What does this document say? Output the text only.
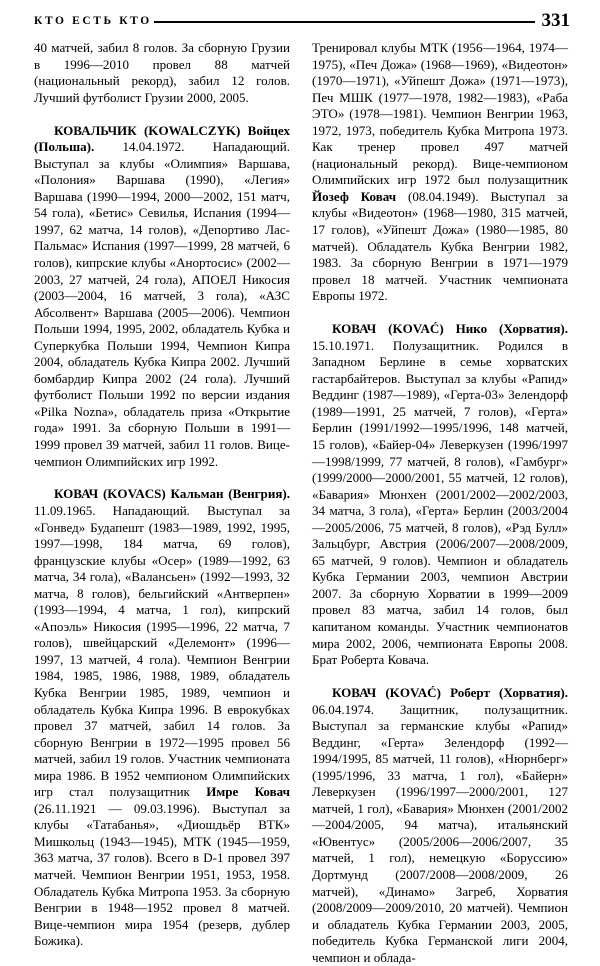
КТО ЕСТЬ КТО	331

40 матчей, забил 8 голов. За сборную Грузии в 1996—2010 провел 88 матчей (национальный рекорд), забил 12 голов. Лучший футболист Грузии 2000, 2005.

КОВАЛЬЧИК (KOWALCZYK) Войцех (Польша). 14.04.1972. Нападающий. Выступал за клубы «Олимпия» Варшава, «Полония» Варшава (1990), «Легия» Варшава (1990—1994, 2000—2002, 151 матч, 54 гола), «Бетис» Севилья, Испания (1994—1997, 62 матча, 14 голов), «Депортиво Лас-Пальмас» Испания (1997—1999, 28 матчей, 6 голов), кипрские клубы «Анортосис» (2002—2003, 27 матчей, 24 гола), АПОЕЛ Никосия (2003—2004, 16 матчей, 3 гола), «АЗС Абсолвент» Варшава (2005—2006). Чемпион Польши 1994, 1995, 2002, обладатель Кубка и Суперкубка Польши 1994, Чемпион Кипра 2004, обладатель Кубка Кипра 2002. Лучший бомбардир Кипра 2002 (24 гола). Лучший футболист Польши 1992 по версии издания «Pilka Nozna», обладатель приза «Открытие года» 1991. За сборную Польши в 1991—1999 провел 39 матчей, забил 11 голов. Вице-чемпион Олимпийских игр 1992.

КОВАЧ (KOVACS) Кальман (Венгрия). 11.09.1965. Нападающий. Выступал за «Гонвед» Будапешт (1983—1989, 1992, 1995, 1997—1998, 184 матча, 69 голов), французские клубы «Осер» (1989—1992, 63 матча, 34 гола), «Валансьен» (1992—1993, 32 матча, 8 голов), бельгийский «Антверпен» (1993—1994, 4 матча, 1 гол), кипрский «Апоэль» Никосия (1995—1996, 22 матча, 7 голов), швейцарский «Делемонт» (1996—1997, 13 матчей, 4 гола). Чемпион Венгрии 1984, 1985, 1986, 1988, 1989, обладатель Кубка Венгрии 1985, 1989, чемпион и обладатель Кубка Кипра 1996. В еврокубках провел 37 матчей, забил 14 голов. За сборную Венгрии в 1972—1995 провел 56 матчей, забил 19 голов. Участник чемпионата мира 1986. В 1952 чемпионом Олимпийских игр стал полузащитник Имре Ковач (26.11.1921 — 09.03.1996). Выступал за клубы «Татабанья», «Диошдьёр ВТК» Мишкольц (1943—1945), МТК (1945—1959, 363 матча, 37 голов). Всего в D-1 провел 397 матчей. Чемпион Венгрии 1951, 1953, 1958. Обладатель Кубка Митропа 1953. За сборную Венгрии в 1948—1952 провел 8 матчей. Вице-чемпион мира 1954 (резерв, дублер Божика).

Тренировал клубы МТК (1956—1964, 1974—1975), «Печ Дожа» (1968—1969), «Видеотон» (1970—1971), «Уйпешт Дожа» (1971—1973), Печ МШК (1977—1978, 1982—1983), «Раба ЭТО» (1978—1981). Чемпион Венгрии 1963, 1972, 1973, победитель Кубка Митропа 1973. Как тренер провел 497 матчей (национальный рекорд). Вице-чемпионом Олимпийских игр 1972 был полузащитник Йозеф Ковач (08.04.1949). Выступал за клубы «Видеотон» (1968—1980, 315 матчей, 17 голов), «Уйпешт Дожа» (1980—1985, 80 матчей). Обладатель Кубка Венгрии 1982, 1983. За сборную Венгрии в 1971—1979 провел 18 матчей. Участник чемпионата Европы 1972.

КОВАЧ (KOVAĆ) Нико (Хорватия). 15.10.1971. Полузащитник. Родился в Западном Берлине в семье хорватских гастарбайтеров. Выступал за клубы «Рапид» Веддинг (1987—1989), «Герта-03» Зелендорф (1989—1991, 25 матчей, 7 голов), «Герта» Берлин (1991/1992—1995/1996, 148 матчей, 15 голов), «Байер-04» Леверкузен (1996/1997—1998/1999, 77 матчей, 8 голов), «Гамбург» (1999/2000—2000/2001, 55 матчей, 12 голов), «Бавария» Мюнхен (2001/2002—2002/2003, 34 матча, 3 гола), «Герта» Берлин (2003/2004—2005/2006, 75 матчей, 8 голов), «Рэд Булл» Зальцбург, Австрия (2006/2007—2008/2009, 65 матчей, 9 голов). Чемпион и обладатель Кубка Германии 2003, чемпион Австрии 2007. За сборную Хорватии в 1999—2009 провел 83 матча, забил 14 голов, был капитаном команды. Участник чемпионатов мира 2002, 2006, чемпионата Европы 2008. Брат Роберта Ковача.

КОВАЧ (KOVAĆ) Роберт (Хорватия). 06.04.1974. Защитник, полузащитник. Выступал за германские клубы «Рапид» Веддинг, «Герта» Зелендорф (1992—1994/1995, 85 матчей, 11 голов), «Нюрнберг» (1995/1996, 33 матча, 1 гол), «Байерн» Леверкузен (1996/1997—2000/2001, 127 матчей, 1 гол), «Бавария» Мюнхен (2001/2002—2004/2005, 94 матча), итальянский «Ювентус» (2005/2006—2006/2007, 35 матчей, 1 гол), немецкую «Боруссию» Дортмунд (2007/2008—2008/2009, 26 матчей), «Динамо» Загреб, Хорватия (2008/2009—2009/2010, 20 матчей). Чемпион и обладатель Кубка Германии 2003, 2005, победитель Кубка Германской лиги 2004, чемпион и облада-
